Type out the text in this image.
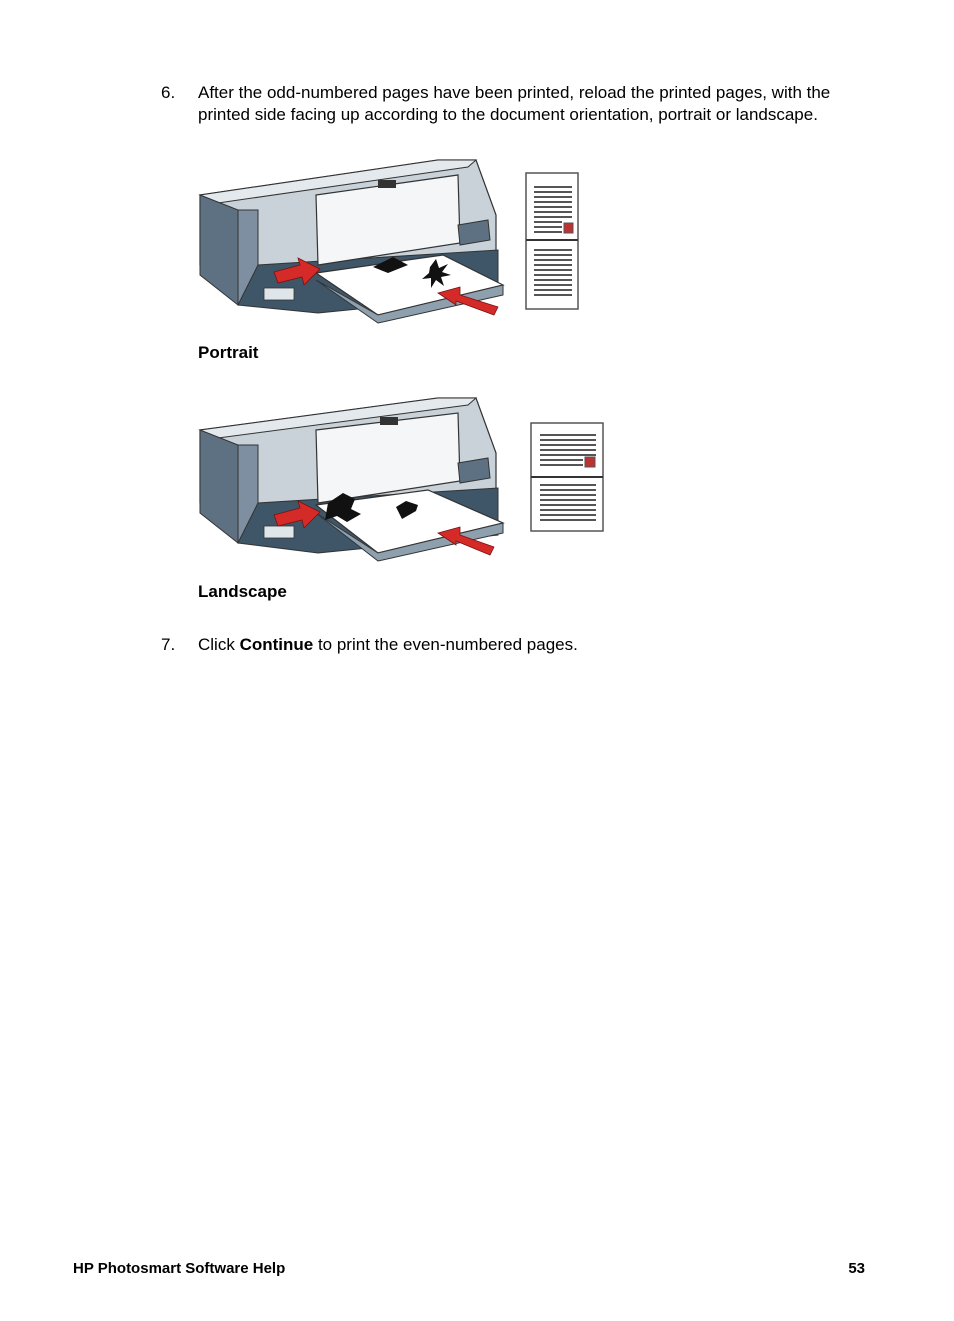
6. After the odd-numbered pages have been printed, reload the printed pages, with the printed side facing up according to the document orientation, portrait or landscape.
Portrait
Landscape
7. Click Continue to print the even-numbered pages.
HP Photosmart Software Help	53
